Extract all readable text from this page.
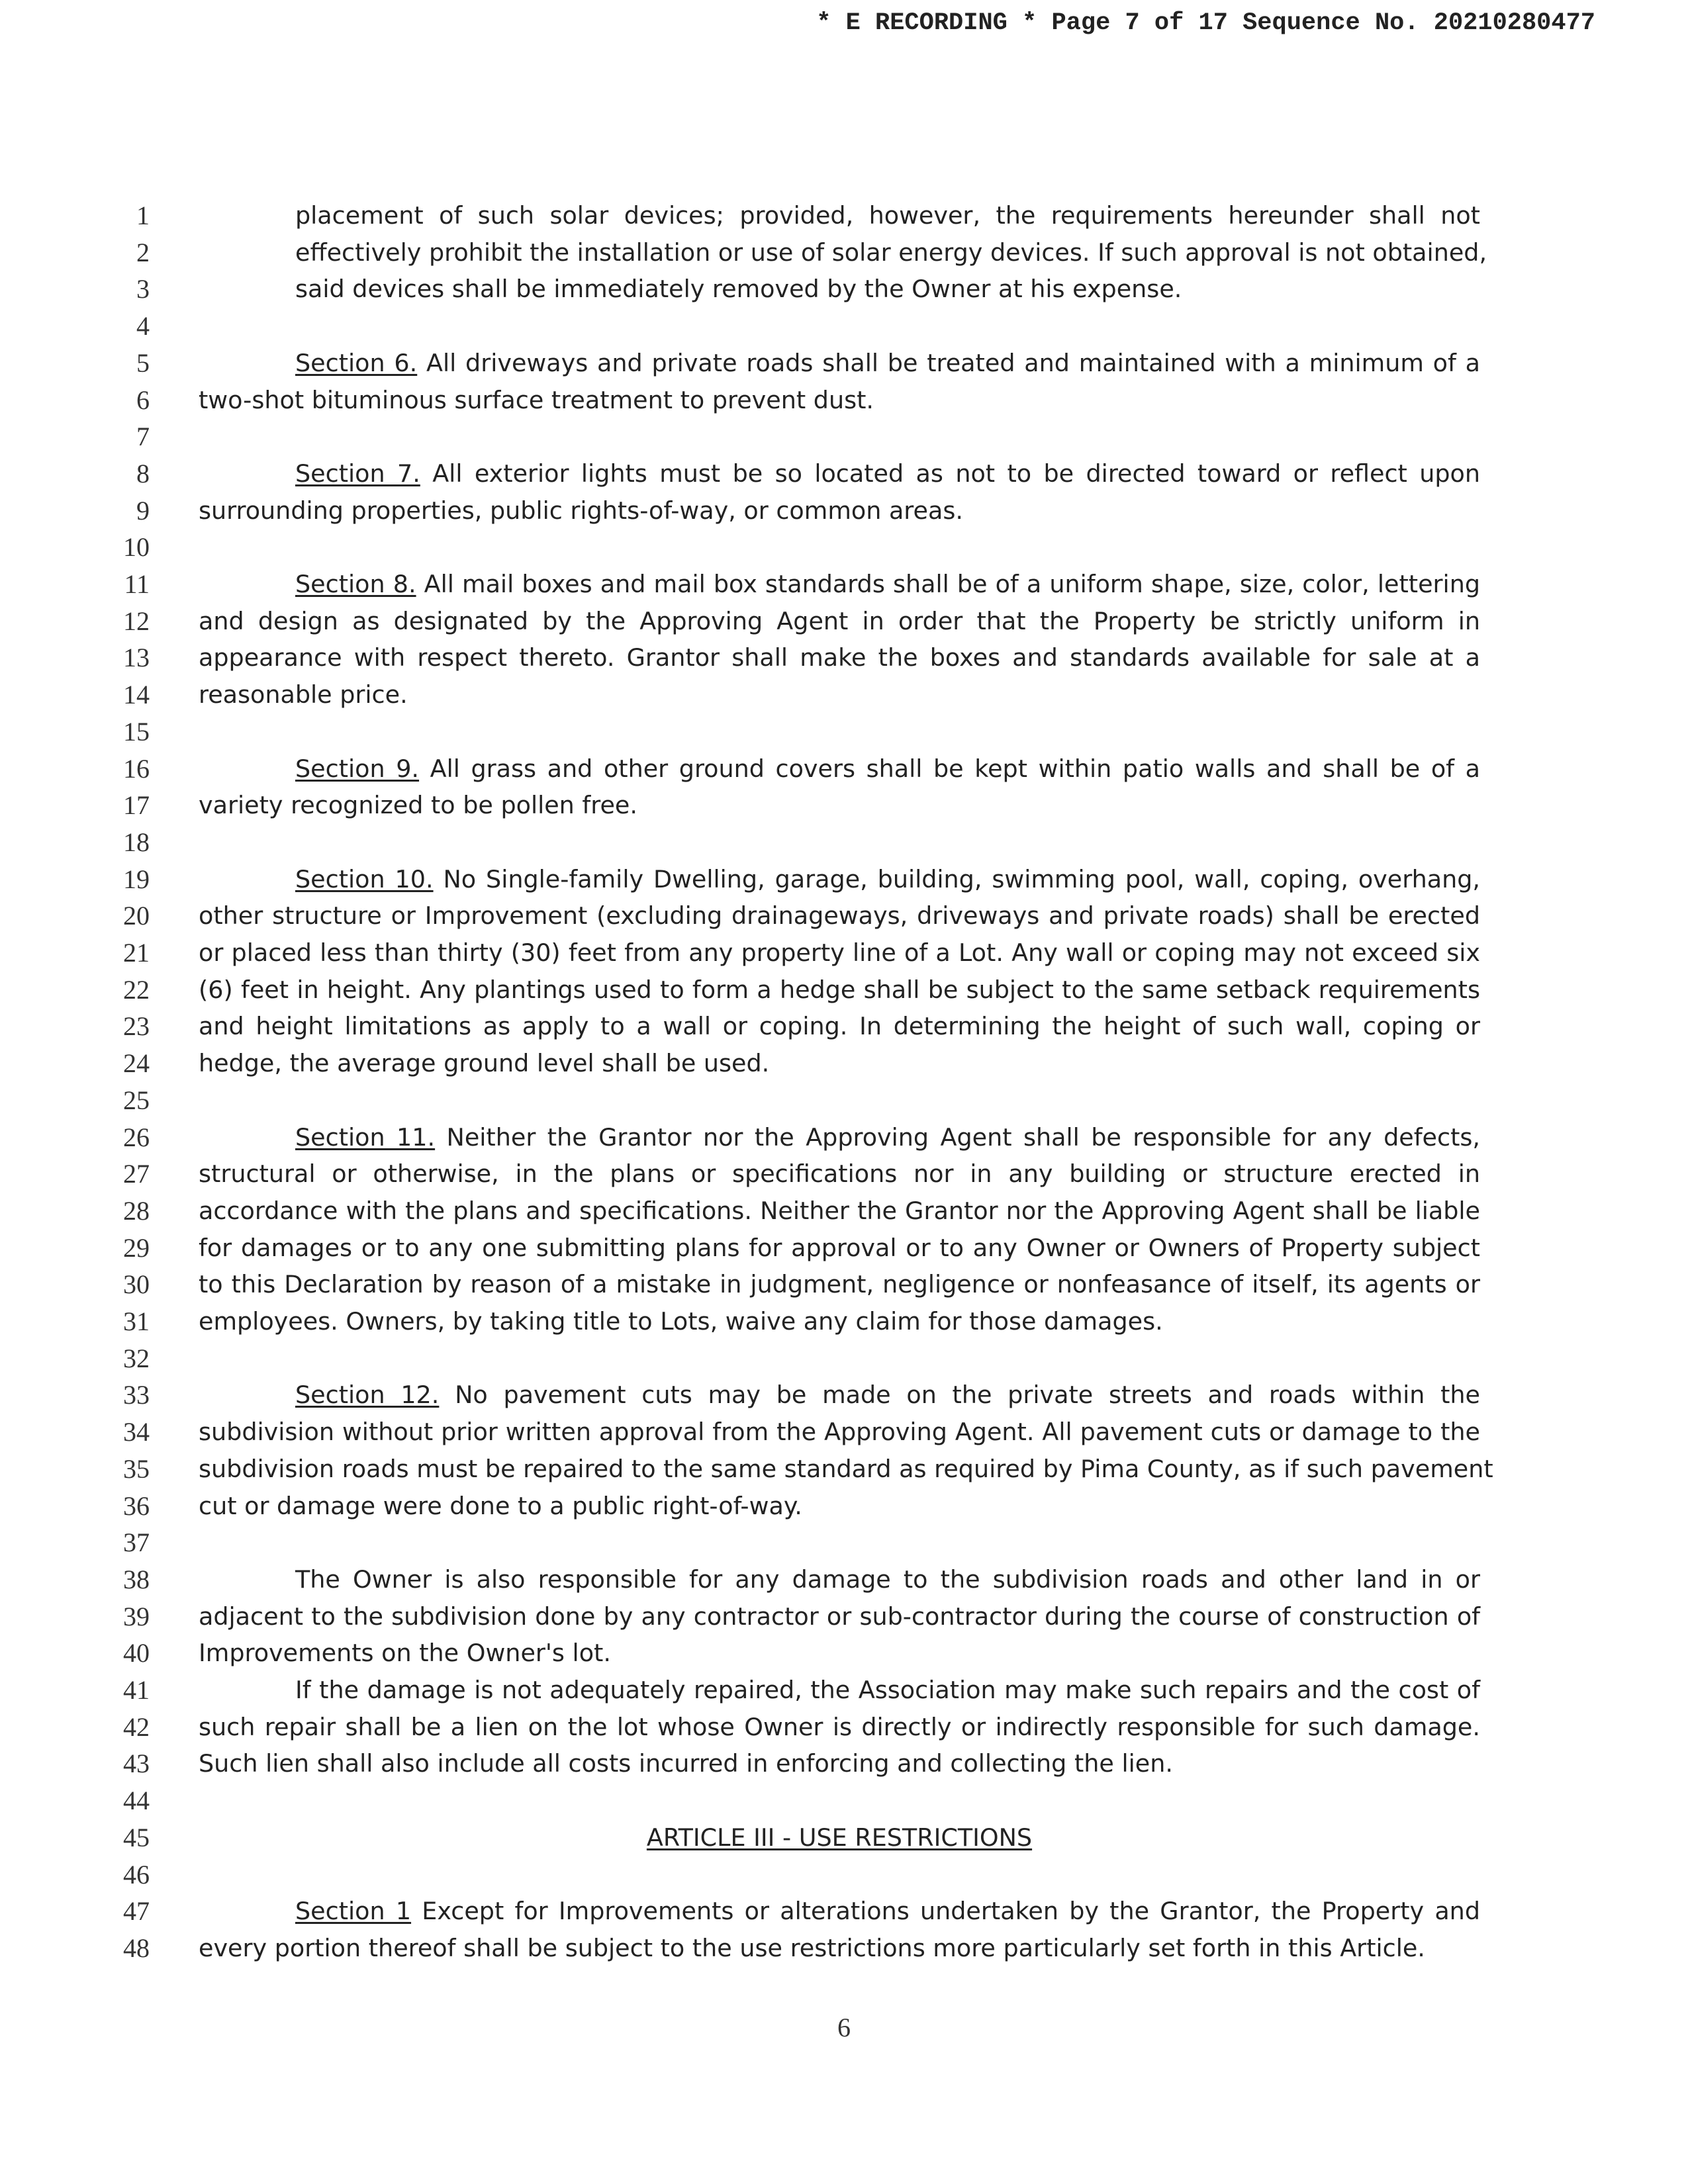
* E RECORDING * Page 7 of 17 Sequence No. 20210280477
1	placement of such solar devices; provided, however, the requirements hereunder shall not
2	effectively prohibit the installation or use of solar energy devices. If such approval is not obtained,
3	said devices shall be immediately removed by the Owner at his expense.
4
5	Section 6. All driveways and private roads shall be treated and maintained with a minimum of a
6 two-shot bituminous surface treatment to prevent dust.
7
8	Section 7. All exterior lights must be so located as not to be directed toward or reflect upon
9 surrounding properties, public rights-of-way, or common areas.
10
11	Section 8. All mail boxes and mail box standards shall be of a uniform shape, size, color, lettering
12 and design as designated by the Approving Agent in order that the Property be strictly uniform in
13 appearance with respect thereto. Grantor shall make the boxes and standards available for sale at a
14 reasonable price.
15
16	Section 9. All grass and other ground covers shall be kept within patio walls and shall be of a
17 variety recognized to be pollen free.
18
19	Section 10. No Single-family Dwelling, garage, building, swimming pool, wall, coping, overhang,
20 other structure or Improvement (excluding drainageways, driveways and private roads) shall be erected
21 or placed less than thirty (30) feet from any property line of a Lot. Any wall or coping may not exceed six
22 (6) feet in height. Any plantings used to form a hedge shall be subject to the same setback requirements
23 and height limitations as apply to a wall or coping. In determining the height of such wall, coping or
24 hedge, the average ground level shall be used.
25
26	Section 11. Neither the Grantor nor the Approving Agent shall be responsible for any defects,
27 structural or otherwise, in the plans or specifications nor in any building or structure erected in
28 accordance with the plans and specifications. Neither the Grantor nor the Approving Agent shall be liable
29 for damages or to any one submitting plans for approval or to any Owner or Owners of Property subject
30 to this Declaration by reason of a mistake in judgment, negligence or nonfeasance of itself, its agents or
31 employees. Owners, by taking title to Lots, waive any claim for those damages.
32
33	Section 12. No pavement cuts may be made on the private streets and roads within the
34 subdivision without prior written approval from the Approving Agent. All pavement cuts or damage to the
35 subdivision roads must be repaired to the same standard as required by Pima County, as if such pavement
36 cut or damage were done to a public right-of-way.
37
38	The Owner is also responsible for any damage to the subdivision roads and other land in or
39 adjacent to the subdivision done by any contractor or sub-contractor during the course of construction of
40 Improvements on the Owner's lot.
41	If the damage is not adequately repaired, the Association may make such repairs and the cost of
42 such repair shall be a lien on the lot whose Owner is directly or indirectly responsible for such damage.
43 Such lien shall also include all costs incurred in enforcing and collecting the lien.
44
45	ARTICLE III - USE RESTRICTIONS
46
47	Section 1 Except for Improvements or alterations undertaken by the Grantor, the Property and
48 every portion thereof shall be subject to the use restrictions more particularly set forth in this Article.
6
